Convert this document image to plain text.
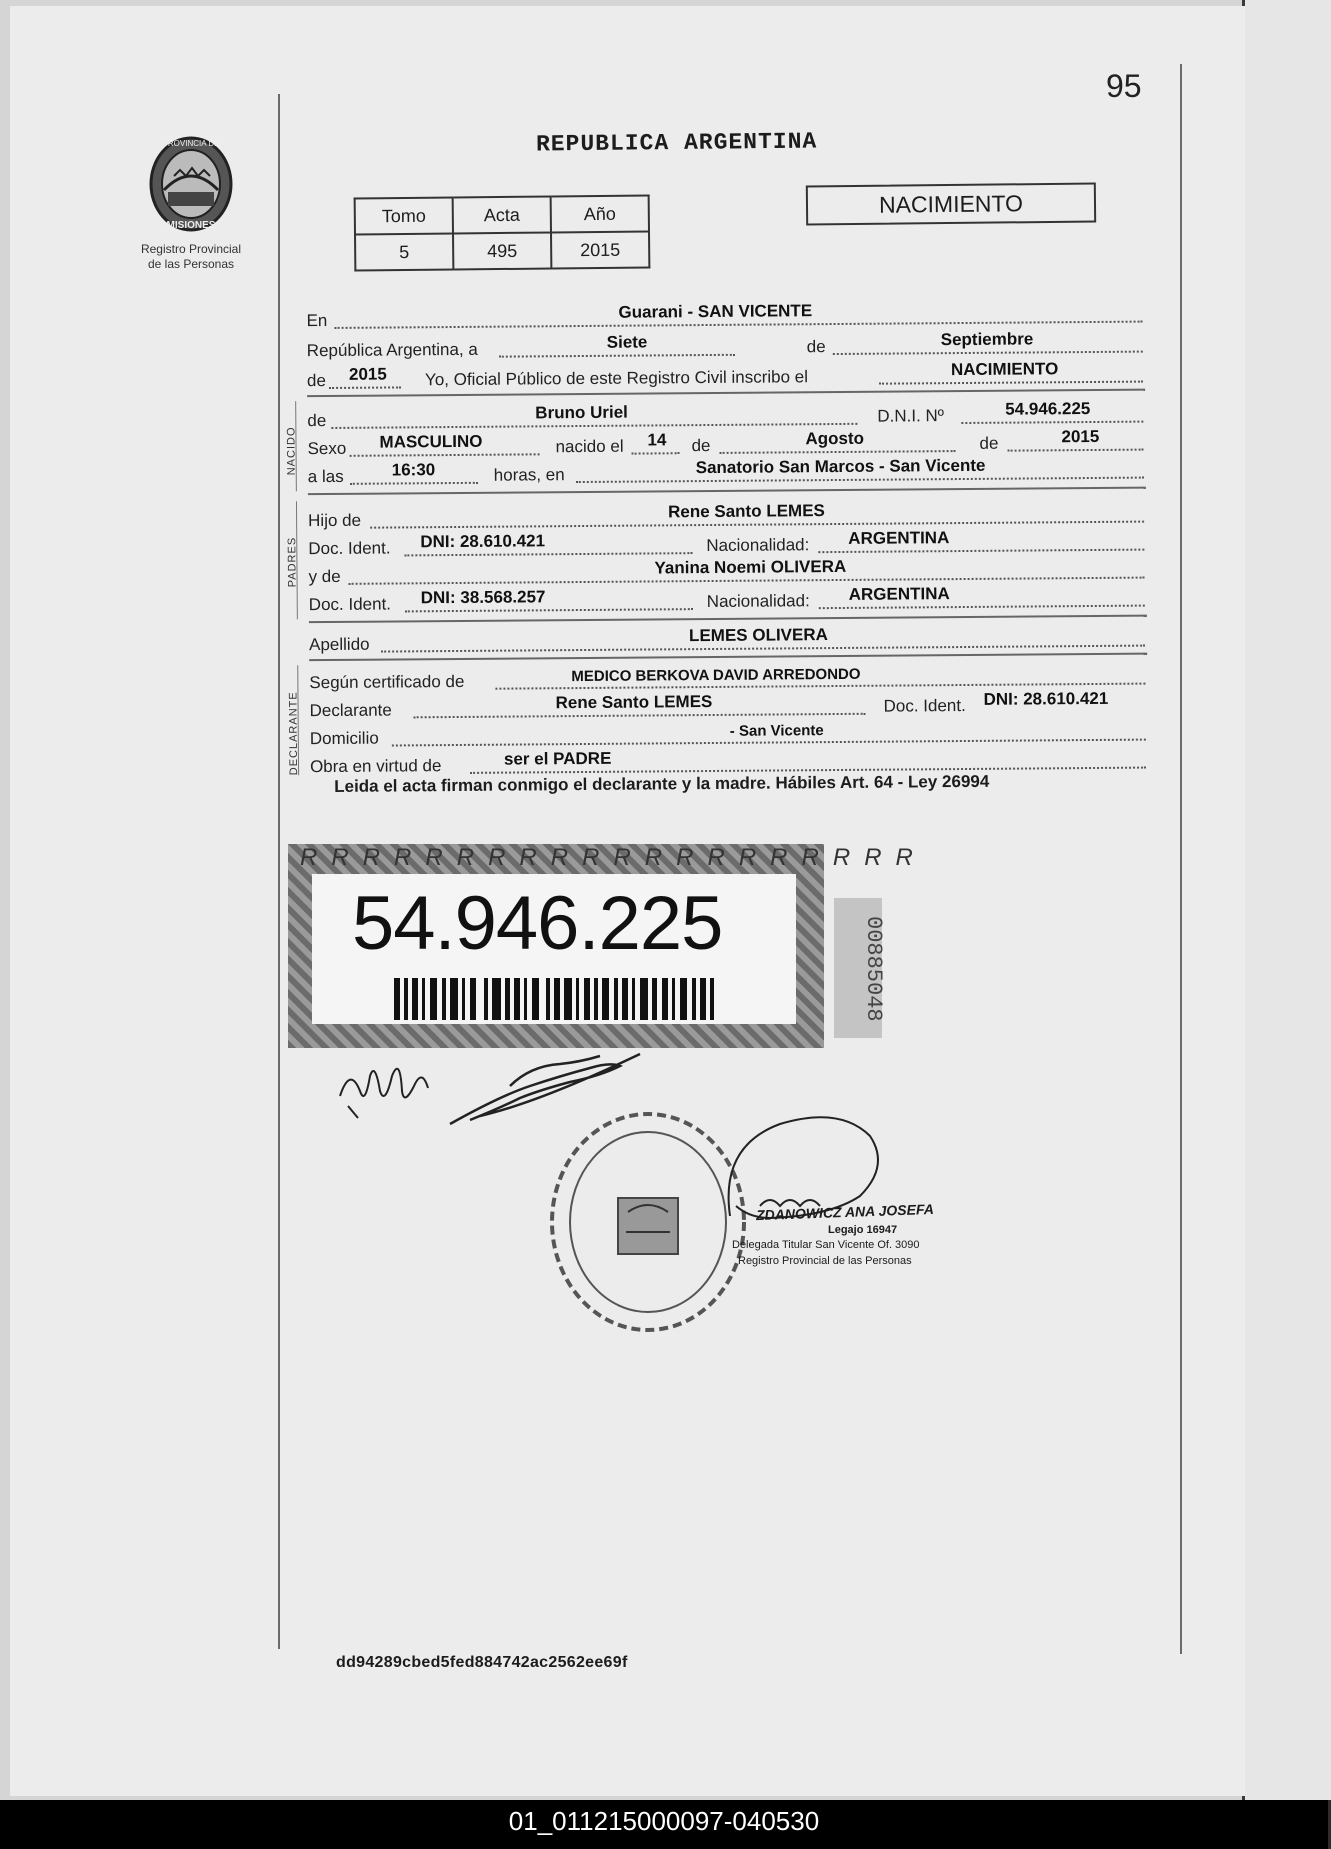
95
PROVINCIA DE
MISIONES
Registro Provincial
de las Personas
REPUBLICA ARGENTINA
Tomo	Acta	Año
5	495	2015
NACIMIENTO
En	Guarani - SAN VICENTE
República Argentina, a	Siete	de	Septiembre
de 2015 Yo, Oficial Público de este Registro Civil inscribo el	NACIMIENTO
de	Bruno Uriel	D.N.I. Nº	54.946.225
Sexo MASCULINO	nacido el 14 de	Agosto	de	2015
a las	16:30	horas, en	Sanatorio San Marcos - San Vicente
Hijo de	Rene Santo LEMES
Doc. Ident. DNI: 28.610.421	Nacionalidad: ARGENTINA
y de	Yanina Noemi OLIVERA
Doc. Ident. DNI: 38.568.257	Nacionalidad: ARGENTINA
Apellido	LEMES OLIVERA
Según certificado de	MEDICO BERKOVA DAVID ARREDONDO
Declarante	Rene Santo LEMES	Doc. Ident. DNI: 28.610.421
Domicilio	- San Vicente
Obra en virtud de	ser el PADRE
NACIDO
PADRES
DECLARANTE
Leida el acta firman conmigo el declarante y la madre. Hábiles Art. 64 - Ley 26994
R R R R R R R R R R R R R R R R R R R R
54.946.225	00885048
ZDANOWICZ ANA JOSEFA
Legajo 16947
Delegada Titular San Vicente Of. 3090
Registro Provincial de las Personas
dd94289cbed5fed884742ac2562ee69f
01_011215000097-040530
